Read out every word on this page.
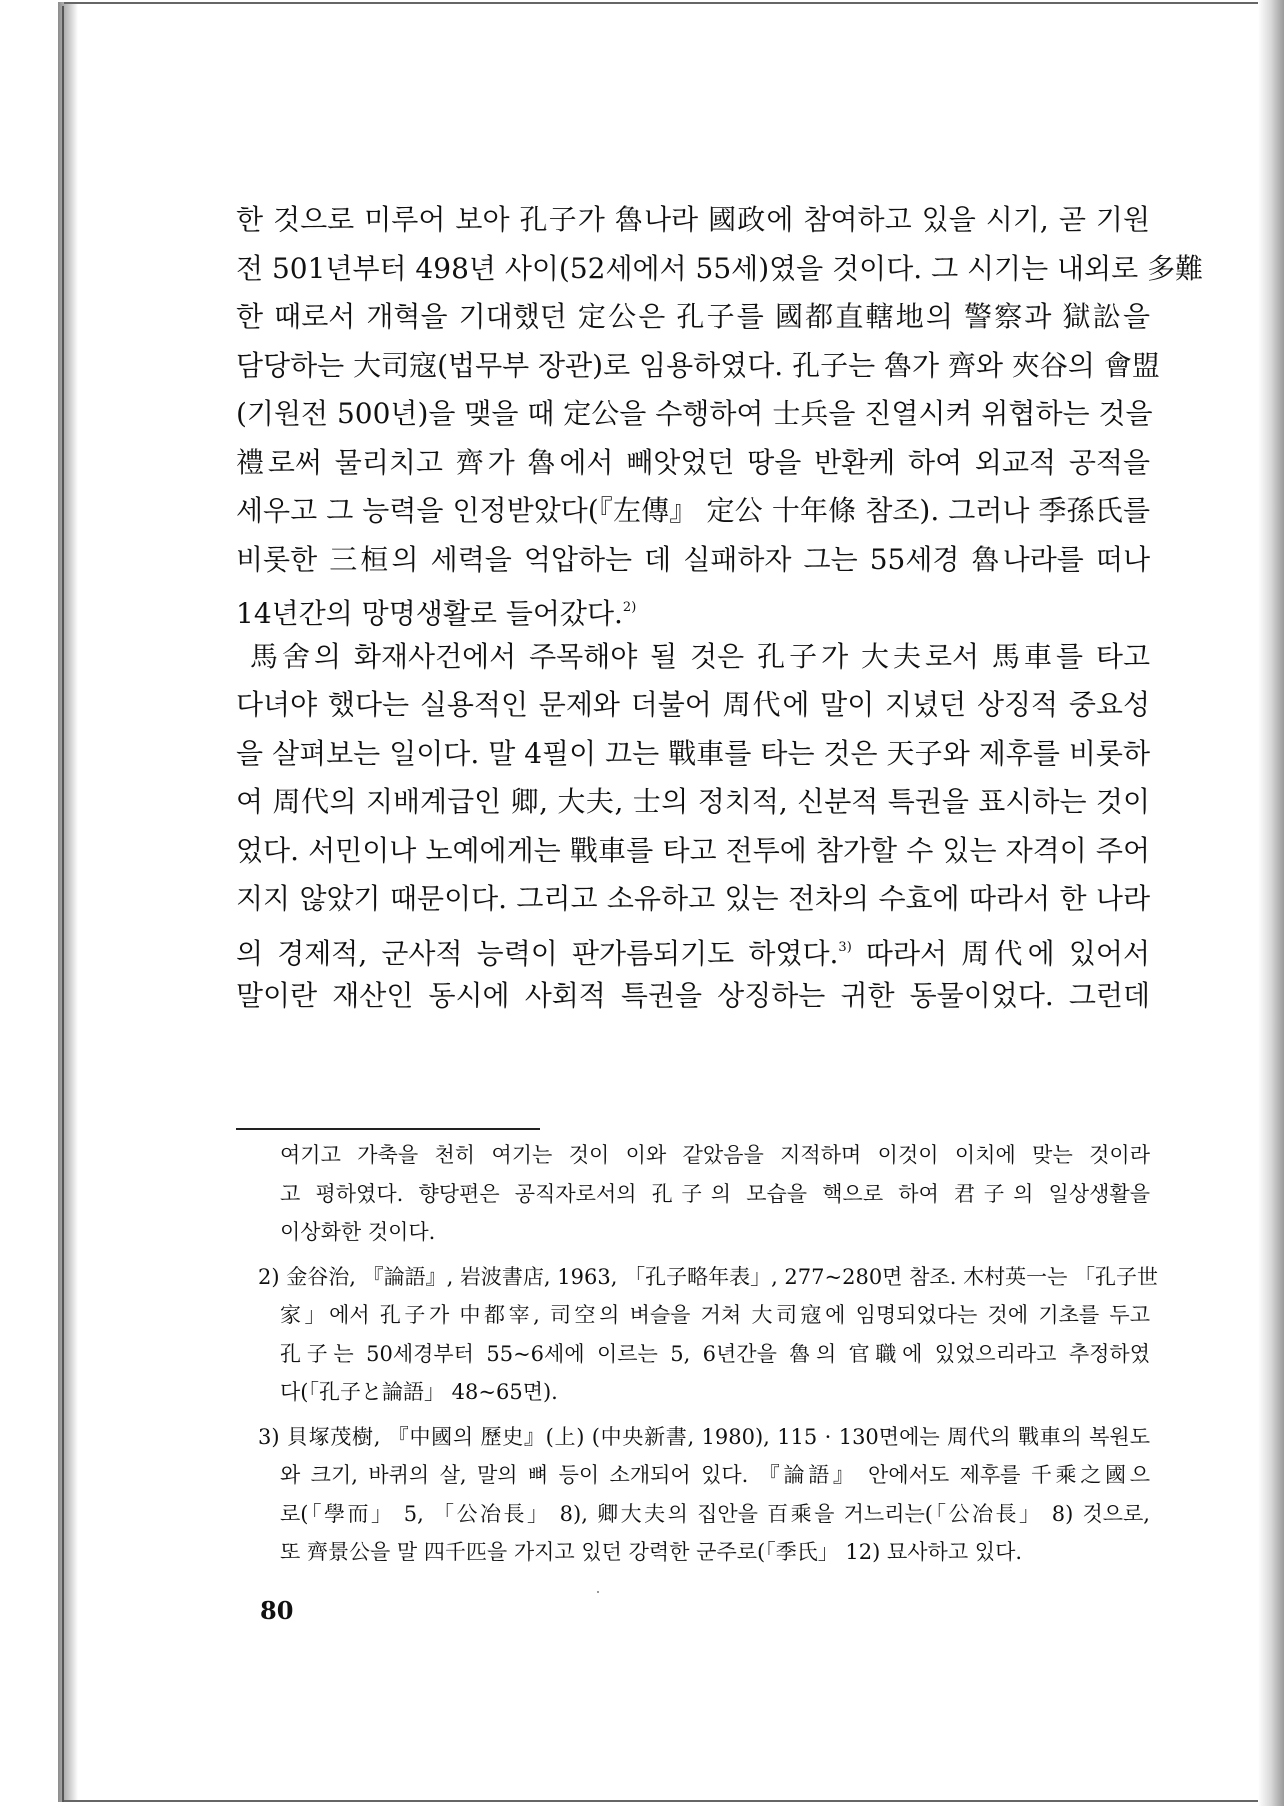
한 것으로 미루어 보아 孔子가 魯나라 國政에 참여하고 있을 시기, 곧 기원
전 501년부터 498년 사이(52세에서 55세)였을 것이다. 그 시기는 내외로 多難
한 때로서 개혁을 기대했던 定公은 孔子를 國都直轄地의 警察과 獄訟을
담당하는 大司寇(법무부 장관)로 임용하였다. 孔子는 魯가 齊와 夾谷의 會盟
(기원전 500년)을 맺을 때 定公을 수행하여 士兵을 진열시켜 위협하는 것을
禮로써 물리치고 齊가 魯에서 빼앗었던 땅을 반환케 하여 외교적 공적을
세우고 그 능력을 인정받았다(『左傳』 定公 十年條 참조). 그러나 季孫氏를
비롯한 三桓의 세력을 억압하는 데 실패하자 그는 55세경 魯나라를 떠나
14년간의 망명생활로 들어갔다.$^{2)}$
馬舍의 화재사건에서 주목해야 될 것은 孔子가 大夫로서 馬車를 타고
다녀야 했다는 실용적인 문제와 더불어 周代에 말이 지녔던 상징적 중요성
을 살펴보는 일이다. 말 4필이 끄는 戰車를 타는 것은 天子와 제후를 비롯하
여 周代의 지배계급인 卿, 大夫, 士의 정치적, 신분적 특권을 표시하는 것이
었다. 서민이나 노예에게는 戰車를 타고 전투에 참가할 수 있는 자격이 주어
지지 않았기 때문이다. 그리고 소유하고 있는 전차의 수효에 따라서 한 나라
의 경제적, 군사적 능력이 판가름되기도 하였다.$^{3)}$ 따라서 周代에 있어서
말이란 재산인 동시에 사회적 특권을 상징하는 귀한 동물이었다. 그런데
여기고 가축을 천히 여기는 것이 이와 같았음을 지적하며 이것이 이치에 맞는 것이라
고 평하였다. 향당편은 공직자로서의 孔子의 모습을 핵으로 하여 君子의 일상생활을
이상화한 것이다.
2) 金谷治, 『論語』, 岩波書店, 1963, 「孔子略年表」, 277~280면 참조. 木村英一는 「孔子世
家」에서 孔子가 中都宰, 司空의 벼슬을 거쳐 大司寇에 임명되었다는 것에 기초를 두고
孔子는 50세경부터 55~6세에 이르는 5, 6년간을 魯의 官職에 있었으리라고 추정하였
다(「孔子と論語」 48~65면).
3) 貝塚茂樹, 『中國의 歷史』(上) (中央新書, 1980), 115 · 130면에는 周代의 戰車의 복원도
와 크기, 바퀴의 살, 말의 뼈 등이 소개되어 있다. 『論語』 안에서도 제후를 千乘之國으
로(「學而」 5, 「公冶長」 8), 卿大夫의 집안을 百乘을 거느리는(「公冶長」 8) 것으로,
또 齊景公을 말 四千匹을 가지고 있던 강력한 군주로(「季氏」 12) 묘사하고 있다.
80
